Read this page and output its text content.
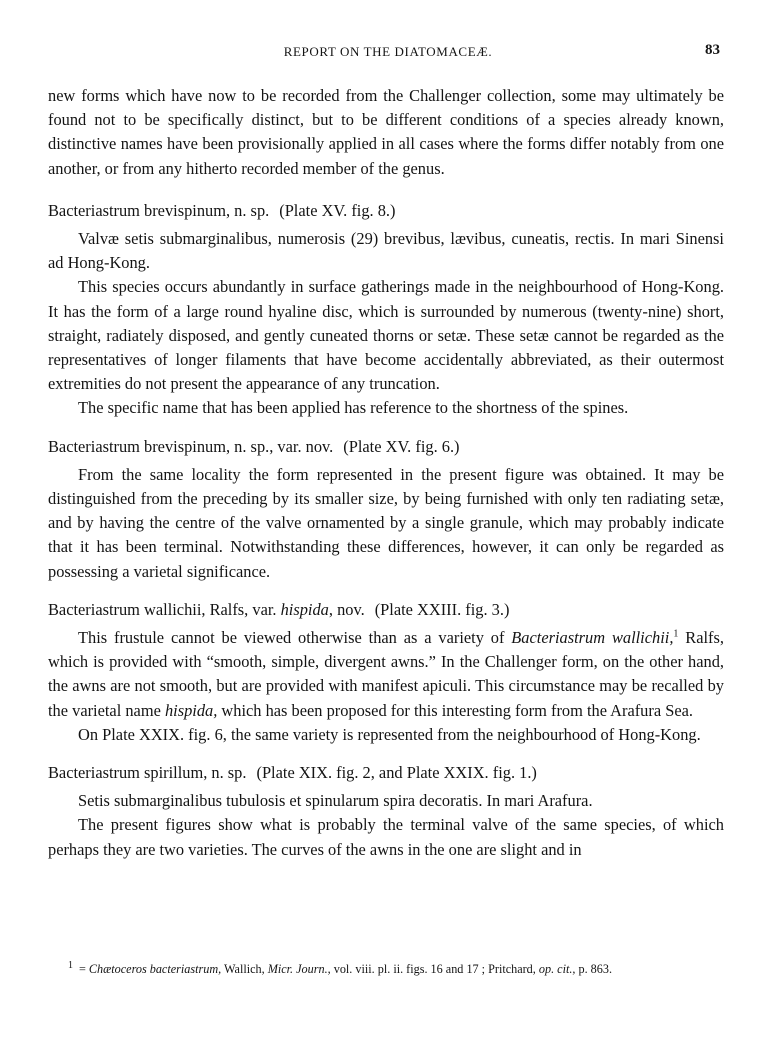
REPORT ON THE DIATOMACEÆ.	83

new forms which have now to be recorded from the Challenger collection, some may ultimately be found not to be specifically distinct, but to be different conditions of a species already known, distinctive names have been provisionally applied in all cases where the forms differ notably from one another, or from any hitherto recorded member of the genus.

Bacteriastrum brevispinum, n. sp. (Plate XV. fig. 8.)

Valvæ setis submarginalibus, numerosis (29) brevibus, lævibus, cuneatis, rectis. In mari Sinensi ad Hong-Kong.

This species occurs abundantly in surface gatherings made in the neighbourhood of Hong-Kong. It has the form of a large round hyaline disc, which is surrounded by numerous (twenty-nine) short, straight, radiately disposed, and gently cuneated thorns or setæ. These setæ cannot be regarded as the representatives of longer filaments that have become accidentally abbreviated, as their outermost extremities do not present the appearance of any truncation.

The specific name that has been applied has reference to the shortness of the spines.

Bacteriastrum brevispinum, n. sp., var. nov. (Plate XV. fig. 6.)

From the same locality the form represented in the present figure was obtained. It may be distinguished from the preceding by its smaller size, by being furnished with only ten radiating setæ, and by having the centre of the valve ornamented by a single granule, which may probably indicate that it has been terminal. Notwithstanding these differences, however, it can only be regarded as possessing a varietal significance.

Bacteriastrum wallichii, Ralfs, var. hispida, nov. (Plate XXIII. fig. 3.)

This frustule cannot be viewed otherwise than as a variety of Bacteriastrum wallichii,$^1$ Ralfs, which is provided with “smooth, simple, divergent awns.” In the Challenger form, on the other hand, the awns are not smooth, but are provided with manifest apiculi. This circumstance may be recalled by the varietal name hispida, which has been proposed for this interesting form from the Arafura Sea.

On Plate XXIX. fig. 6, the same variety is represented from the neighbourhood of Hong-Kong.

Bacteriastrum spirillum, n. sp. (Plate XIX. fig. 2, and Plate XXIX. fig. 1.)

Setis submarginalibus tubulosis et spinularum spira decoratis. In mari Arafura.

The present figures show what is probably the terminal valve of the same species, of which perhaps they are two varieties. The curves of the awns in the one are slight and in

$^1$ = Chætoceros bacteriastrum, Wallich, Micr. Journ., vol. viii. pl. ii. figs. 16 and 17 ; Pritchard, op. cit., p. 863.
